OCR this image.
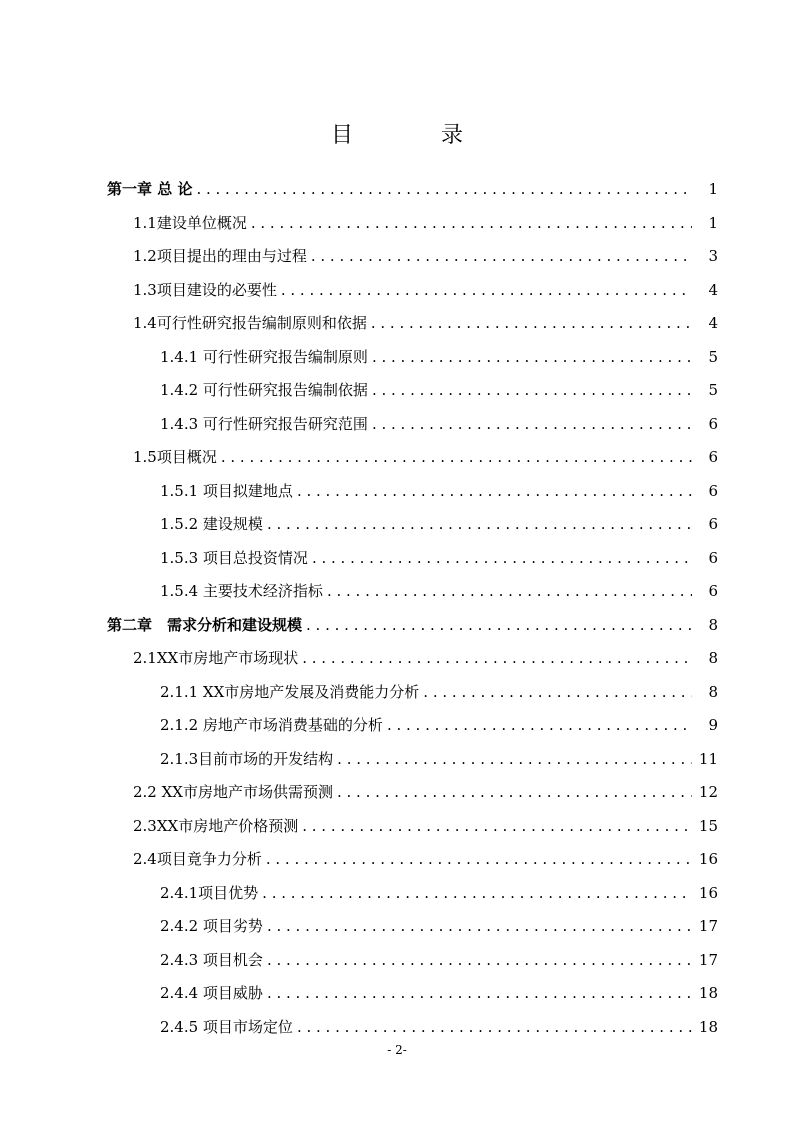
目录
第一章 总 论 . . .	1
1.1建设单位概况 . . .	1
1.2项目提出的理由与过程 . . .	3
1.3项目建设的必要性 . . .	4
1.4可行性研究报告编制原则和依据 . . .	4
1.4.1 可行性研究报告编制原则 . . .	5
1.4.2 可行性研究报告编制依据 . . .	5
1.4.3 可行性研究报告研究范围 . . .	6
1.5项目概况 . . .	6
1.5.1 项目拟建地点 . . .	6
1.5.2 建设规模 . . .	6
1.5.3 项目总投资情况 . . .	6
1.5.4 主要技术经济指标 . . .	6
第二章　需求分析和建设规模 . . .	8
2.1XX市房地产市场现状 . . .	8
2.1.1 XX市房地产发展及消费能力分析 . . .	8
2.1.2 房地产市场消费基础的分析 . . .	9
2.1.3目前市场的开发结构 . . .	11
2.2 XX市房地产市场供需预测 . . .	12
2.3XX市房地产价格预测 . . .	15
2.4项目竟争力分析 . . .	16
2.4.1项目优势 . . .	16
2.4.2 项目劣势 . . .	17
2.4.3 项目机会 . . .	17
2.4.4 项目威胁 . . .	18
2.4.5 项目市场定位 . . .	18
- 2-
